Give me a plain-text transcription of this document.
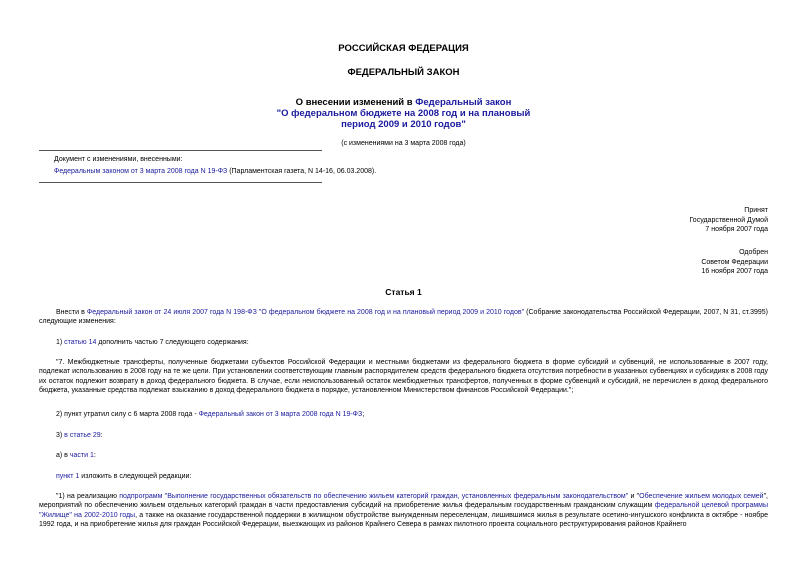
РОССИЙСКАЯ ФЕДЕРАЦИЯ
ФЕДЕРАЛЬНЫЙ ЗАКОН
О внесении изменений в Федеральный закон
"О федеральном бюджете на 2008 год и на плановый
период 2009 и 2010 годов"
(с изменениями на 3 марта 2008 года)
Документ с изменениями, внесенными:
Федеральным законом от 3 марта 2008 года N 19-ФЗ (Парламентская газета, N 14-16, 06.03.2008).
Принят
Государственной Думой
7 ноября 2007 года
Одобрен
Советом Федерации
16 ноября 2007 года
Статья 1
Внести в Федеральный закон от 24 июля 2007 года N 198-ФЗ "О федеральном бюджете на 2008 год и на плановый период 2009 и 2010 годов" (Собрание законодательства Российской Федерации, 2007, N 31, ст.3995) следующие изменения:
1) статью 14 дополнить частью 7 следующего содержания:
"7. Межбюджетные трансферты, полученные бюджетами субъектов Российской Федерации и местными бюджетами из федерального бюджета в форме субсидий и субвенций, не использованные в 2007 году, подлежат использованию в 2008 году на те же цели. При установлении соответствующим главным распорядителем средств федерального бюджета отсутствия потребности в указанных субвенциях и субсидиях в 2008 году их остаток подлежит возврату в доход федерального бюджета. В случае, если неиспользованный остаток межбюджетных трансфертов, полученных в форме субвенций и субсидий, не перечислен в доход федерального бюджета, указанные средства подлежат взысканию в доход федерального бюджета в порядке, установленном Министерством финансов Российской Федерации.";
2) пункт утратил силу с 6 марта 2008 года - Федеральный закон от 3 марта 2008 года N 19-ФЗ;
3) в статье 29:
а) в части 1:
пункт 1 изложить в следующей редакции:
"1) на реализацию подпрограмм "Выполнение государственных обязательств по обеспечению жильем категорий граждан, установленных федеральным законодательством" и "Обеспечение жильем молодых семей", мероприятий по обеспечению жильем отдельных категорий граждан в части предоставления субсидий на приобретение жилья федеральным государственным гражданским служащим федеральной целевой программы "Жилище" на 2002-2010 годы, а также на оказание государственной поддержки в жилищном обустройстве вынужденным переселенцам, лишившимся жилья в результате осетино-ингушского конфликта в октябре - ноябре 1992 года, и на приобретение жилья для граждан Российской Федерации, выезжающих из районов Крайнего Севера в рамках пилотного проекта социального реструктурирования районов Крайнего
